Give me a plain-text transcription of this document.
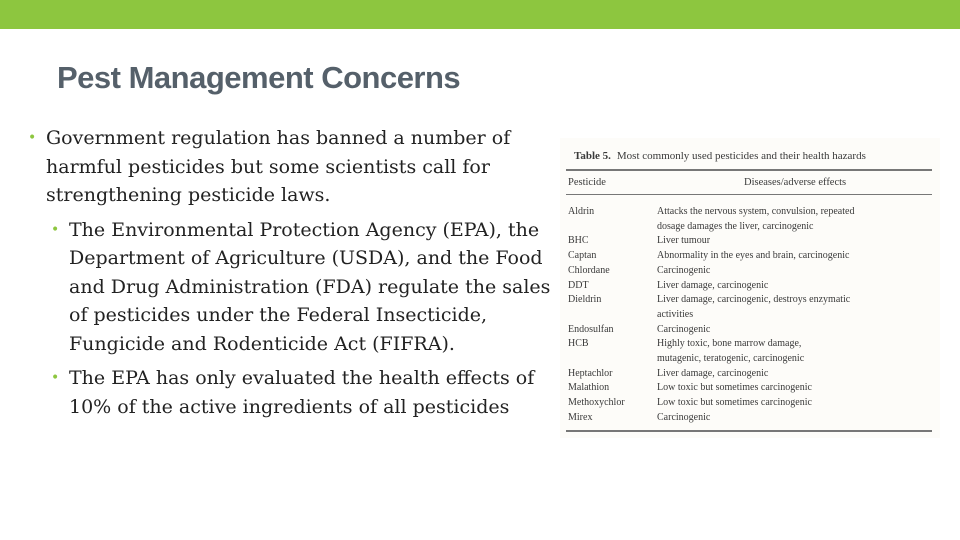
Pest Management Concerns
• Government regulation has banned a number of harmful pesticides but some scientists call for strengthening pesticide laws.
• The Environmental Protection Agency (EPA), the Department of Agriculture (USDA), and the Food and Drug Administration (FDA) regulate the sales of pesticides under the Federal Insecticide, Fungicide and Rodenticide Act (FIFRA).
• The EPA has only evaluated the health effects of 10% of the active ingredients of all pesticides
Table 5. Most commonly used pesticides and their health hazards
Pesticide	Diseases/adverse effects
Aldrin	Attacks the nervous system, convulsion, repeated
dosage damages the liver, carcinogenic
BHC	Liver tumour
Captan	Abnormality in the eyes and brain, carcinogenic
Chlordane	Carcinogenic
DDT	Liver damage, carcinogenic
Dieldrin	Liver damage, carcinogenic, destroys enzymatic
activities
Endosulfan	Carcinogenic
HCB	Highly toxic, bone marrow damage,
mutagenic, teratogenic, carcinogenic
Heptachlor	Liver damage, carcinogenic
Malathion	Low toxic but sometimes carcinogenic
Methoxychlor	Low toxic but sometimes carcinogenic
Mirex	Carcinogenic
